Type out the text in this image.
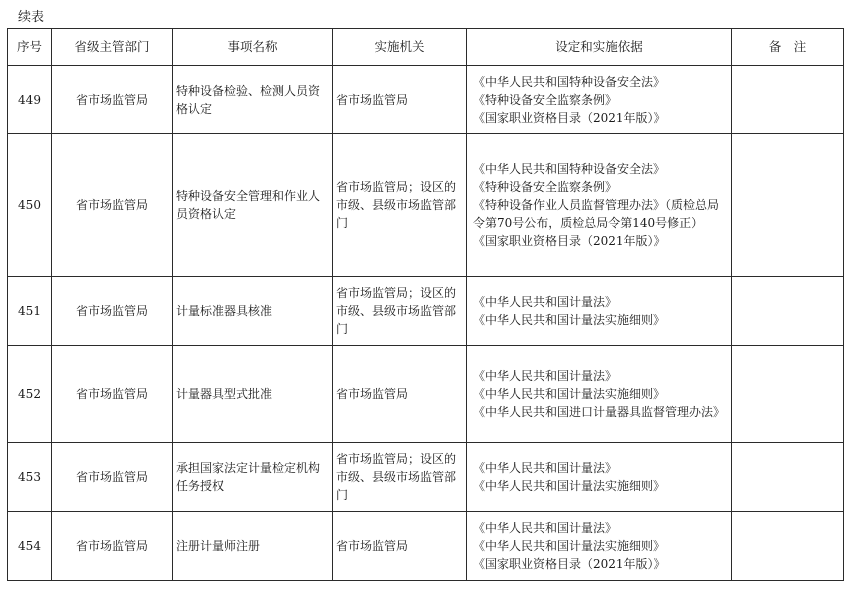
续表
序号	省级主管部门	事项名称	实施机关	设定和实施依据	备　注
449	省市场监管局	特种设备检验、检测人员资格认定	省市场监管局	《中华人民共和国特种设备安全法》
《特种设备安全监察条例》
《国家职业资格目录（2021年版）》	

450	省市场监管局	特种设备安全管理和作业人员资格认定	省市场监管局；设区的市级、县级市场监管部门	《中华人民共和国特种设备安全法》
《特种设备安全监察条例》
《特种设备作业人员监督管理办法》（质检总局令第70号公布，质检总局令第140号修正）
《国家职业资格目录（2021年版）》	

451	省市场监管局	计量标准器具核准	省市场监管局；设区的市级、县级市场监管部门	《中华人民共和国计量法》
《中华人民共和国计量法实施细则》	

452	省市场监管局	计量器具型式批准	省市场监管局	《中华人民共和国计量法》
《中华人民共和国计量法实施细则》
《中华人民共和国进口计量器具监督管理办法》	

453	省市场监管局	承担国家法定计量检定机构任务授权	省市场监管局；设区的市级、县级市场监管部门	《中华人民共和国计量法》
《中华人民共和国计量法实施细则》	

454	省市场监管局	注册计量师注册	省市场监管局	《中华人民共和国计量法》
《中华人民共和国计量法实施细则》
《国家职业资格目录（2021年版）》	
